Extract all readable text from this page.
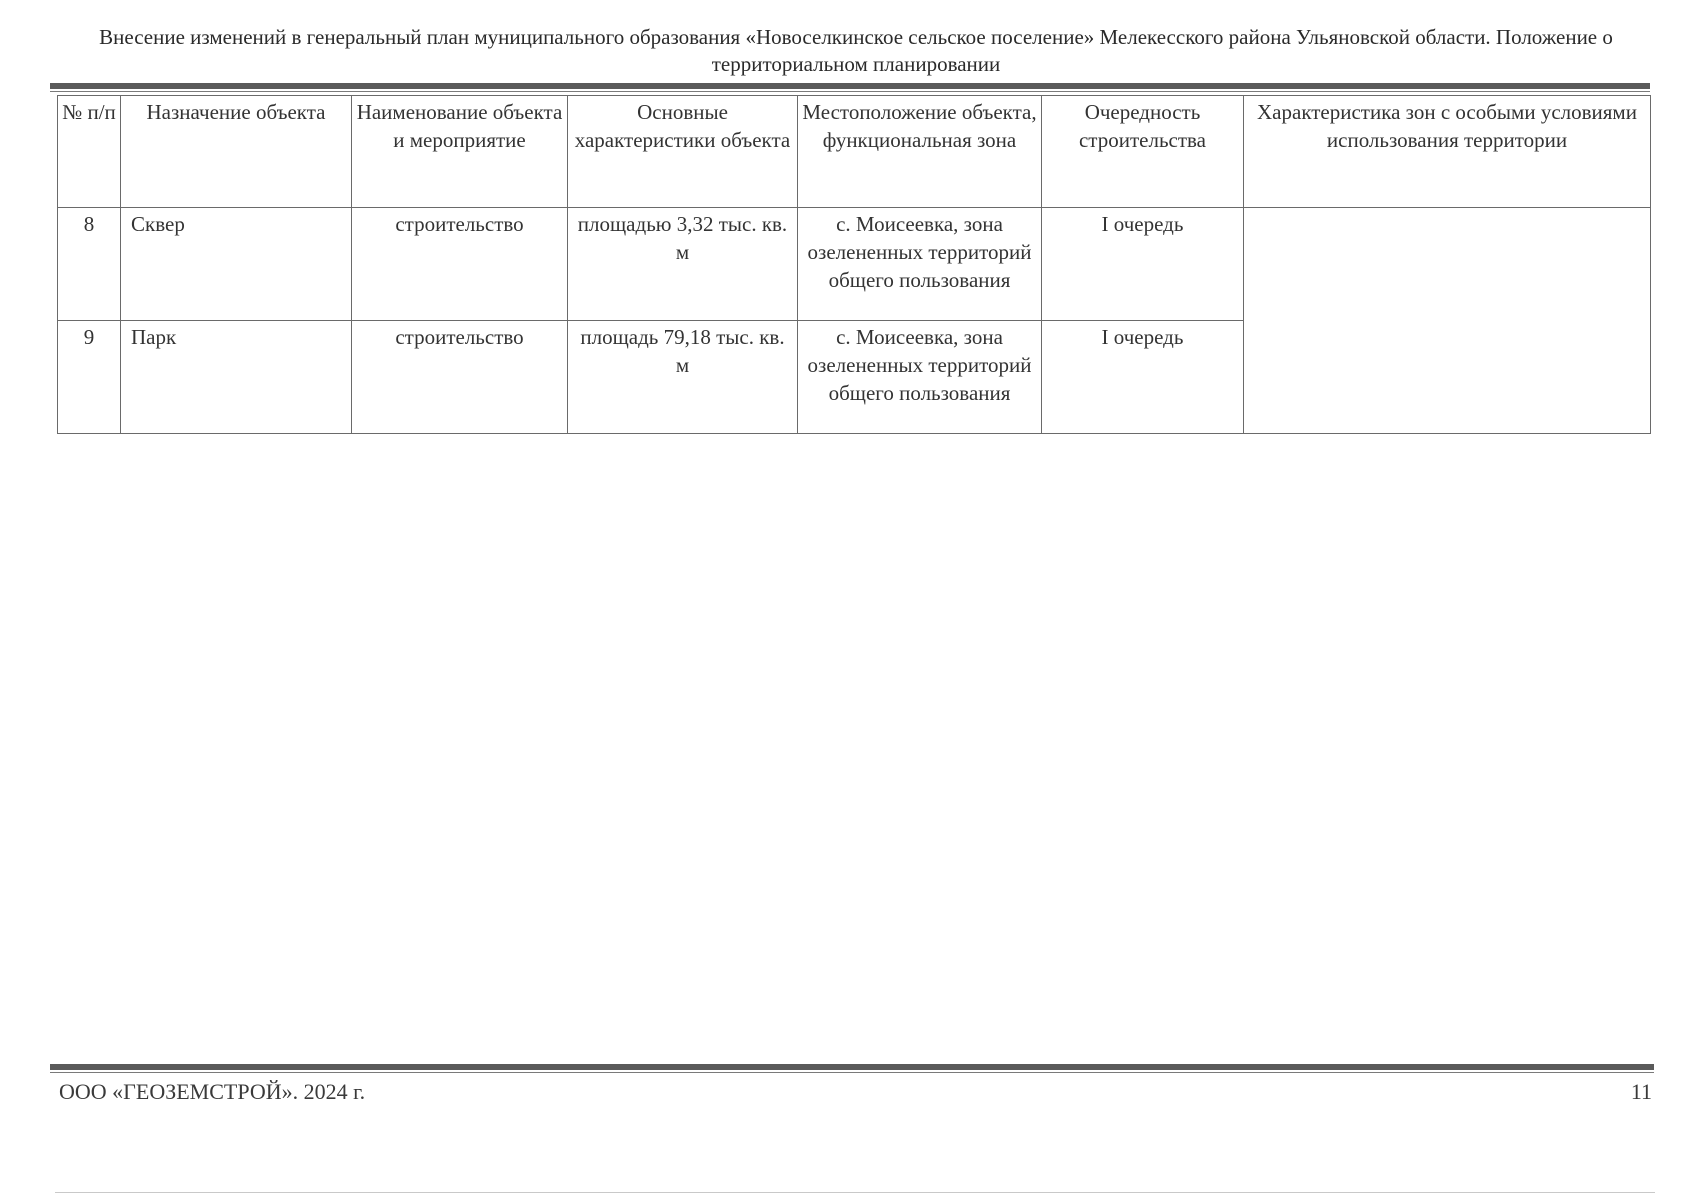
Внесение изменений в генеральный план муниципального образования «Новоселкинское сельское поселение» Мелекесского района Ульяновской области. Положение о территориальном планировании
№ п/п	Назначение объекта	Наименование объекта и мероприятие	Основные характеристики объекта	Местоположение объекта, функциональная зона	Очередность строительства	Характеристика зон с особыми условиями использования территории
8	Сквер	строительство	площадью 3,32 тыс. кв. м	с. Моисеевка, зона озелененных территорий общего пользования	I очередь	
9	Парк	строительство	площадь 79,18 тыс. кв. м	с. Моисеевка, зона озелененных территорий общего пользования	I очередь	
ООО «ГЕОЗЕМСТРОЙ». 2024 г.	11
